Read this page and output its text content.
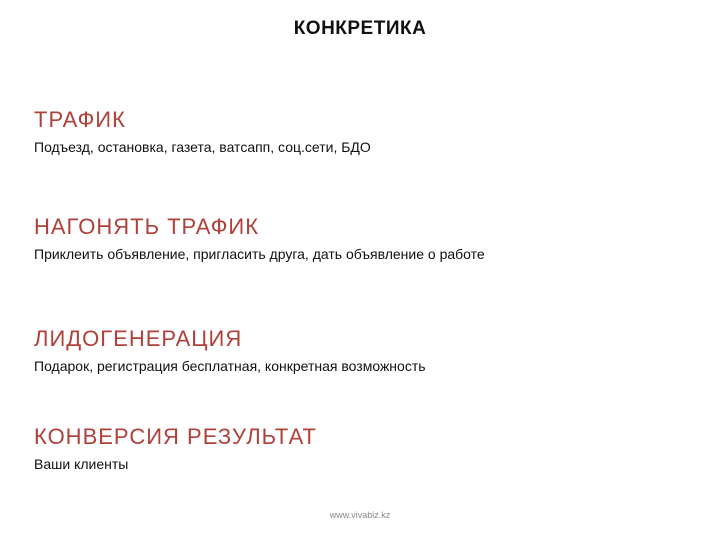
КОНКРЕТИКА
ТРАФИК
Подъезд, остановка, газета, ватсапп, соц.сети, БДО
НАГОНЯТЬ ТРАФИК
Приклеить объявление, пригласить друга, дать объявление о работе
ЛИДОГЕНЕРАЦИЯ
Подарок, регистрация бесплатная, конкретная возможность
КОНВЕРСИЯ РЕЗУЛЬТАТ
Ваши клиенты
www.vivabiz.kz
